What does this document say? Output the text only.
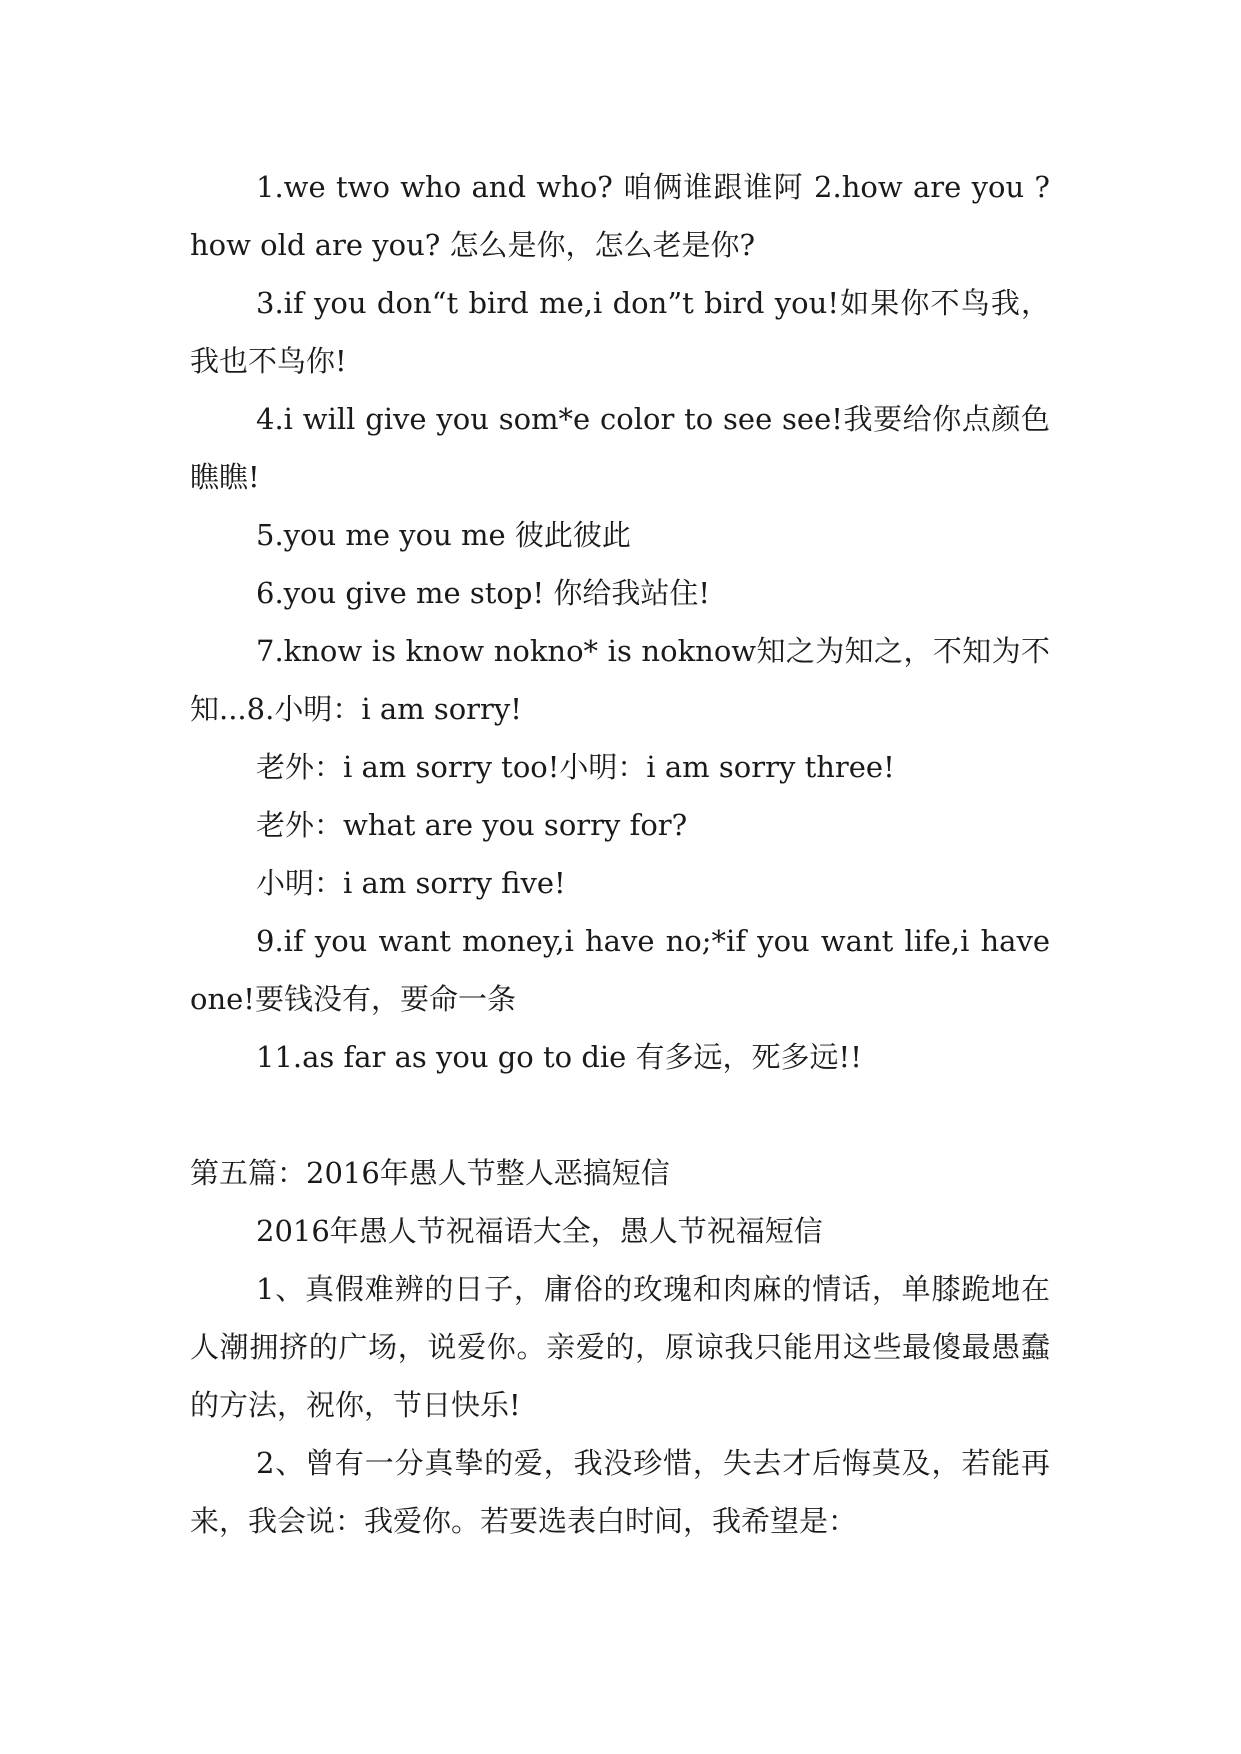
1.we two who and who? 咱俩谁跟谁阿 2.how are you ? how old are you? 怎么是你，怎么老是你?

3.if you don“t bird me,i don”t bird you!如果你不鸟我，我也不鸟你!

4.i will give you som*e color to see see!我要给你点颜色瞧瞧!

5.you me you me 彼此彼此

6.you give me stop! 你给我站住!

7.know is know nokno* is noknow知之为知之，不知为不知...8.小明：i am sorry!

老外：i am sorry too!小明：i am sorry three!

老外：what are you sorry for?

小明：i am sorry five!

9.if you want money,i have no;*if you want life,i have one!要钱没有，要命一条

11.as far as you go to die 有多远，死多远!!

第五篇：2016年愚人节整人恶搞短信

2016年愚人节祝福语大全，愚人节祝福短信

1、真假难辨的日子，庸俗的玫瑰和肉麻的情话，单膝跪地在人潮拥挤的广场，说爱你。亲爱的，原谅我只能用这些最傻最愚蠢的方法，祝你，节日快乐!

2、曾有一分真挚的爱，我没珍惜，失去才后悔莫及，若能再来，我会说：我爱你。若要选表白时间，我希望是：
